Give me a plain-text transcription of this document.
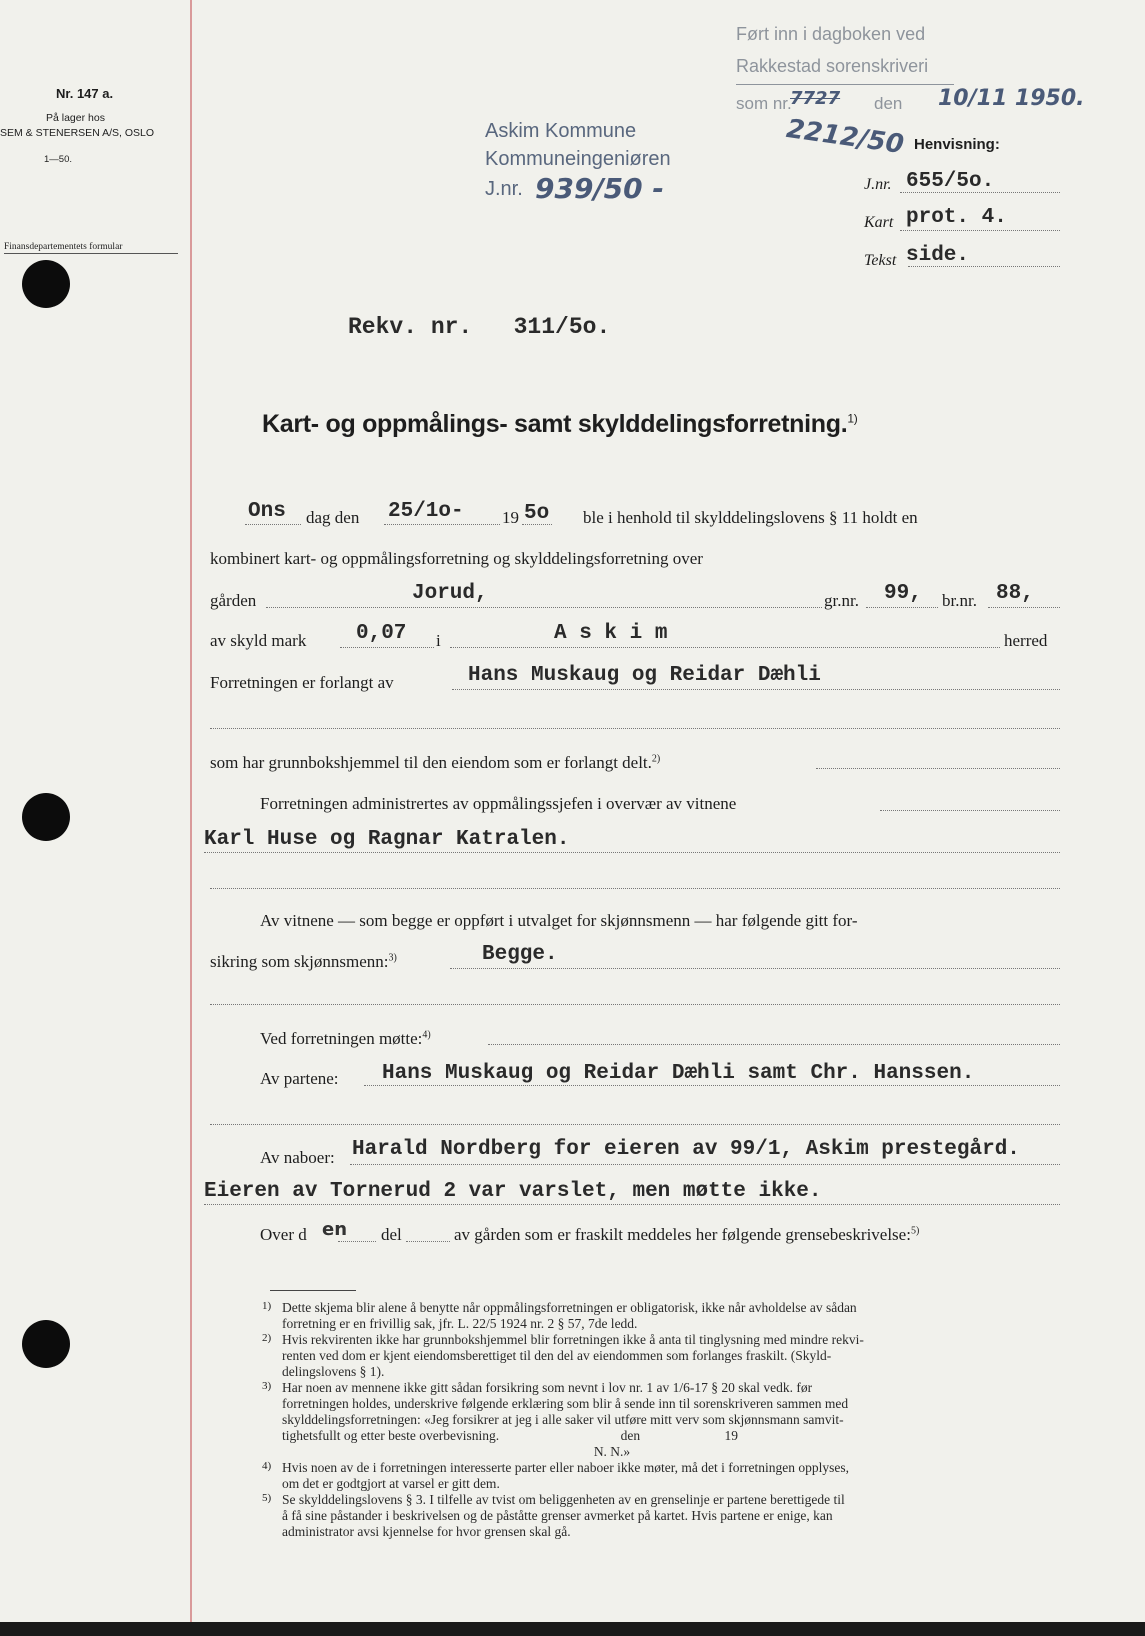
Nr. 147 a.
På lager hos
SEM & STENERSEN A/S, OSLO
1—50.
Finansdepartementets formular
Ført inn i dagboken ved
Rakkestad sorenskriveri
som nr.
7727 den 10/11 1950.
2212/50
Askim Kommune
Kommuneingeniøren
J.nr. 939/50 -
Henvisning:
J.nr. 655/5o.
Kart prot. 4.
Tekst side.
Rekv. nr.   311/5o.
Kart- og oppmålings- samt skylddelingsforretning.$^{1)}$
Ons dag den 25/1o- 19 5o ble i henhold til skylddelingslovens § 11 holdt en
kombinert kart- og oppmålingsforretning og skylddelingsforretning over
gården	Jorud,	gr.nr. 99, br.nr. 88,
av skyld mark 0,07 i	A s k i m	herred
Forretningen er forlangt av	Hans Muskaug og Reidar Dæhli
som har grunnbokshjemmel til den eiendom som er forlangt delt.$^{2)}$
Forretningen administrertes av oppmålingssjefen i overvær av vitnene
Karl Huse og Ragnar Katralen.
Av vitnene — som begge er oppført i utvalget for skjønnsmenn — har følgende gitt for-
sikring som skjønnsmenn:$^{3)}$	Begge.
Ved forretningen møtte:$^{4)}$
Av partene: Hans Muskaug og Reidar Dæhli samt Chr. Hanssen.
Av naboer: Harald Nordberg for eieren av 99/1, Askim prestegård.
Eieren av Tornerud 2 var varslet, men møtte ikke.
Over d en del	av gården som er fraskilt meddeles her følgende grensebeskrivelse:$^{5)}$
1) Dette skjema blir alene å benytte når oppmålingsforretningen er obligatorisk, ikke når avholdelse av sådan
forretning er en frivillig sak, jfr. L. 22/5 1924 nr. 2 § 57, 7de ledd.
2) Hvis rekvirenten ikke har grunnbokshjemmel blir forretningen ikke å anta til tinglysning med mindre rekvi-
renten ved dom er kjent eiendomsberettiget til den del av eiendommen som forlanges fraskilt. (Skyld-
delingslovens § 1).
3) Har noen av mennene ikke gitt sådan forsikring som nevnt i lov nr. 1 av 1/6-17 § 20 skal vedk. før
forretningen holdes, underskrive følgende erklæring som blir å sende inn til sorenskriveren sammen med
skylddelingsforretningen: «Jeg forsikrer at jeg i alle saker vil utføre mitt verv som skjønnsmann samvit-
tighetsfullt og etter beste overbevisning.                                    den                         19
N. N.»
4) Hvis noen av de i forretningen interesserte parter eller naboer ikke møter, må det i forretningen opplyses,
om det er godtgjort at varsel er gitt dem.
5) Se skylddelingslovens § 3. I tilfelle av tvist om beliggenheten av en grenselinje er partene berettigede til
å få sine påstander i beskrivelsen og de påståtte grenser avmerket på kartet. Hvis partene er enige, kan
administrator avsi kjennelse for hvor grensen skal gå.
